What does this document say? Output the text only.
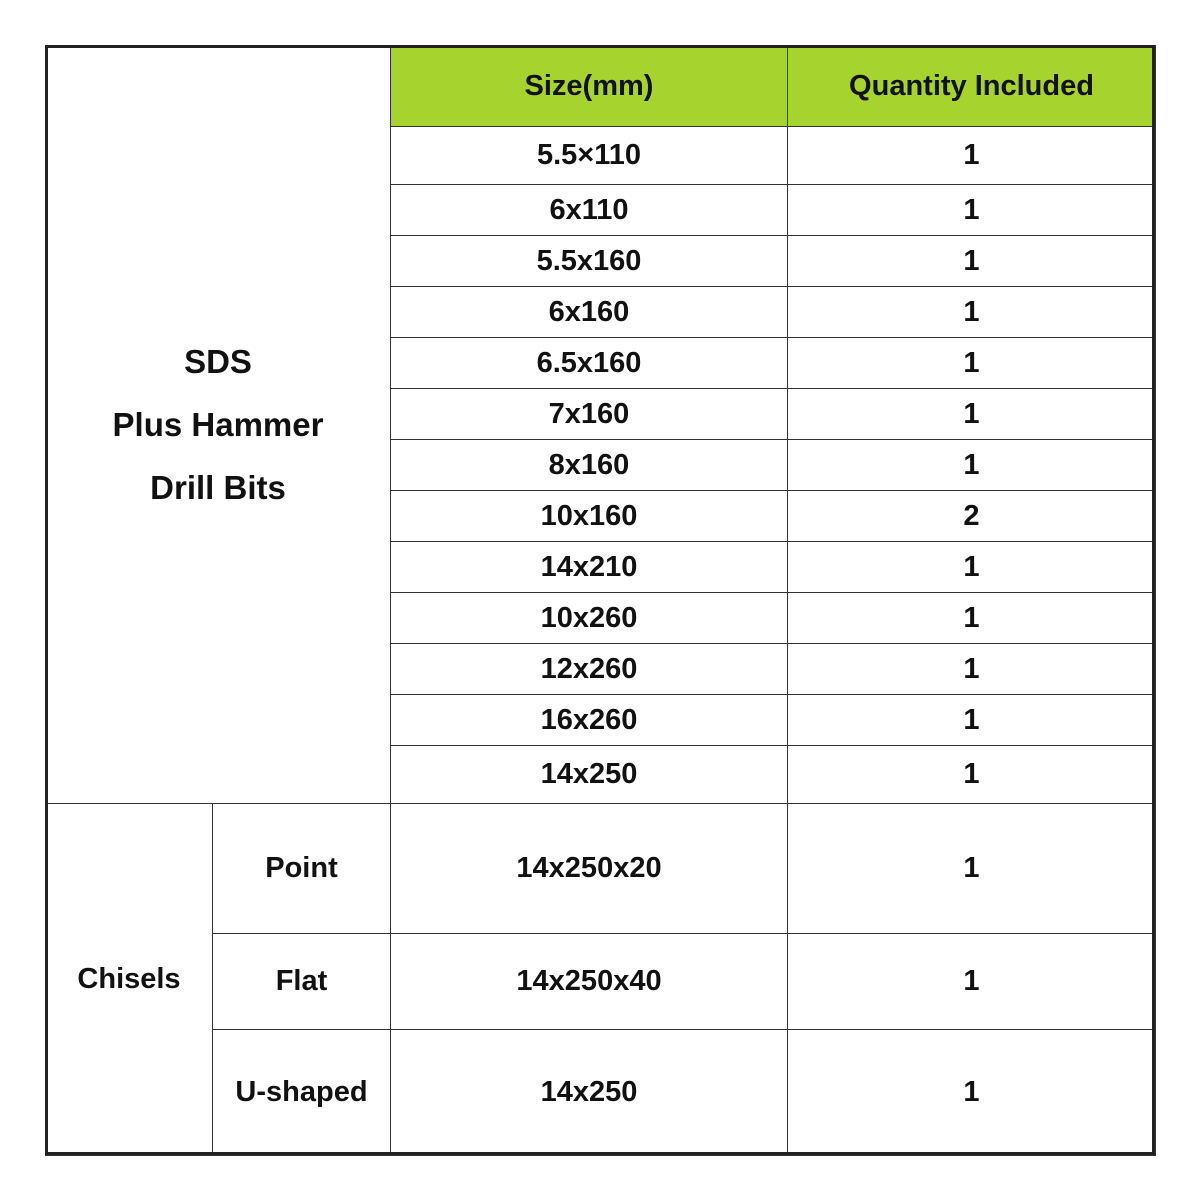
SDS
Plus Hammer
Drill Bits		Size(mm)	Quantity Included
		5.5×110	1
		6x110	1
		5.5x160	1
		6x160	1
		6.5x160	1
		7x160	1
		8x160	1
		10x160	2
		14x210	1
		10x260	1
		12x260	1
		16x260	1
		14x250	1
Chisels	Point	14x250x20	1
	Flat	14x250x40	1
	U-shaped	14x250	1
